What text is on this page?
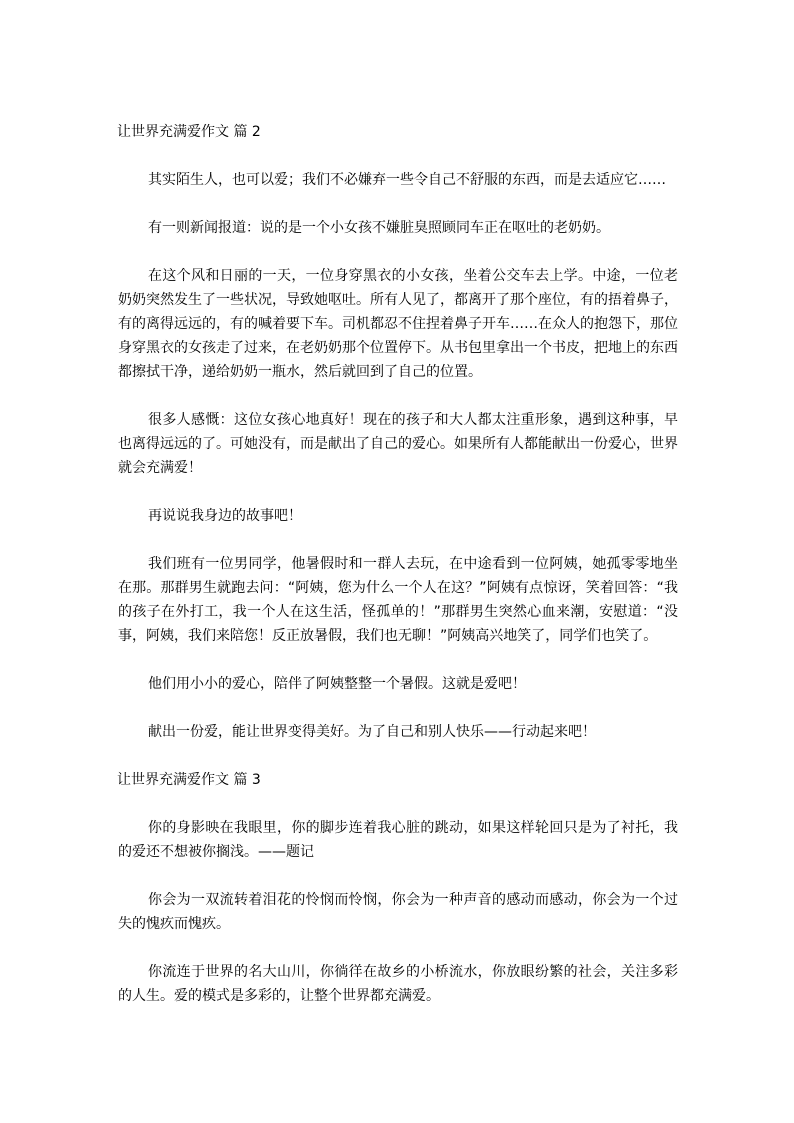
让世界充满爱作文 篇 2

其实陌生人，也可以爱；我们不必嫌弃一些令自己不舒服的东西，而是去适应它……

有一则新闻报道：说的是一个小女孩不嫌脏臭照顾同车正在呕吐的老奶奶。

在这个风和日丽的一天，一位身穿黑衣的小女孩，坐着公交车去上学。中途，一位老奶奶突然发生了一些状况，导致她呕吐。所有人见了，都离开了那个座位，有的捂着鼻子，有的离得远远的，有的喊着要下车。司机都忍不住捏着鼻子开车……在众人的抱怨下，那位身穿黑衣的女孩走了过来，在老奶奶那个位置停下。从书包里拿出一个书皮，把地上的东西都擦拭干净，递给奶奶一瓶水，然后就回到了自己的位置。

很多人感慨：这位女孩心地真好！现在的孩子和大人都太注重形象，遇到这种事，早也离得远远的了。可她没有，而是献出了自己的爱心。如果所有人都能献出一份爱心，世界就会充满爱！

再说说我身边的故事吧！

我们班有一位男同学，他暑假时和一群人去玩，在中途看到一位阿姨，她孤零零地坐在那。那群男生就跑去问：“阿姨，您为什么一个人在这？”阿姨有点惊讶，笑着回答：“我的孩子在外打工，我一个人在这生活，怪孤单的！”那群男生突然心血来潮，安慰道：“没事，阿姨，我们来陪您！反正放暑假，我们也无聊！”阿姨高兴地笑了，同学们也笑了。

他们用小小的爱心，陪伴了阿姨整整一个暑假。这就是爱吧！

献出一份爱，能让世界变得美好。为了自己和别人快乐——行动起来吧！

让世界充满爱作文 篇 3

你的身影映在我眼里，你的脚步连着我心脏的跳动，如果这样轮回只是为了衬托，我的爱还不想被你搁浅。——题记

你会为一双流转着泪花的怜悯而怜悯，你会为一种声音的感动而感动，你会为一个过失的愧疚而愧疚。

你流连于世界的名大山川，你徜徉在故乡的小桥流水，你放眼纷繁的社会，关注多彩的人生。爱的模式是多彩的，让整个世界都充满爱。
